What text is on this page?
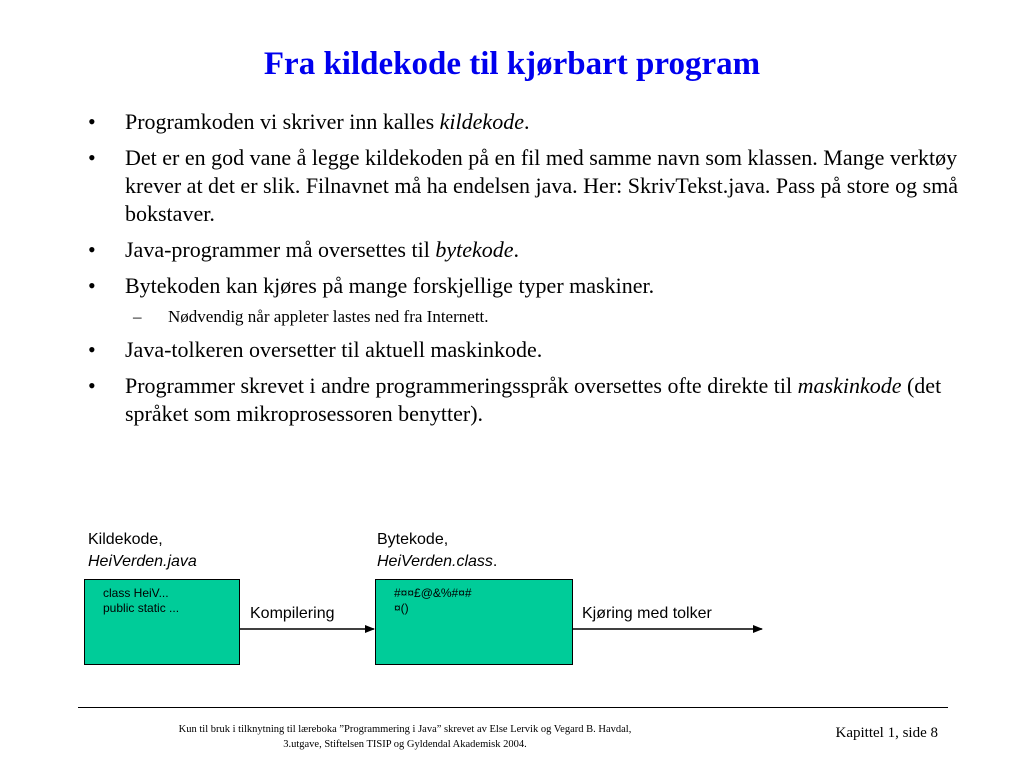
Fra kildekode til kjørbart program
• Programkoden vi skriver inn kalles kildekode.
• Det er en god vane å legge kildekoden på en fil med samme navn som klassen. Mange verktøy krever at det er slik. Filnavnet må ha endelsen java. Her: SkrivTekst.java. Pass på store og små bokstaver.
• Java-programmer må oversettes til bytekode.
• Bytekoden kan kjøres på mange forskjellige typer maskiner.
– Nødvendig når appleter lastes ned fra Internett.
• Java-tolkeren oversetter til aktuell maskinkode.
• Programmer skrevet i andre programmeringsspråk oversettes ofte direkte til maskinkode (det språket som mikroprosessoren benytter).
Kildekode,
HeiVerden.java
Bytekode,
HeiVerden.class.
class HeiV...
public static ...
#¤¤£@&%#¤#
¤()
Kompilering	Kjøring med tolker
Kun til bruk i tilknytning til læreboka ”Programmering i Java” skrevet av Else Lervik og Vegard B. Havdal,
3.utgave, Stiftelsen TISIP og Gyldendal Akademisk 2004.
Kapittel 1, side 8
